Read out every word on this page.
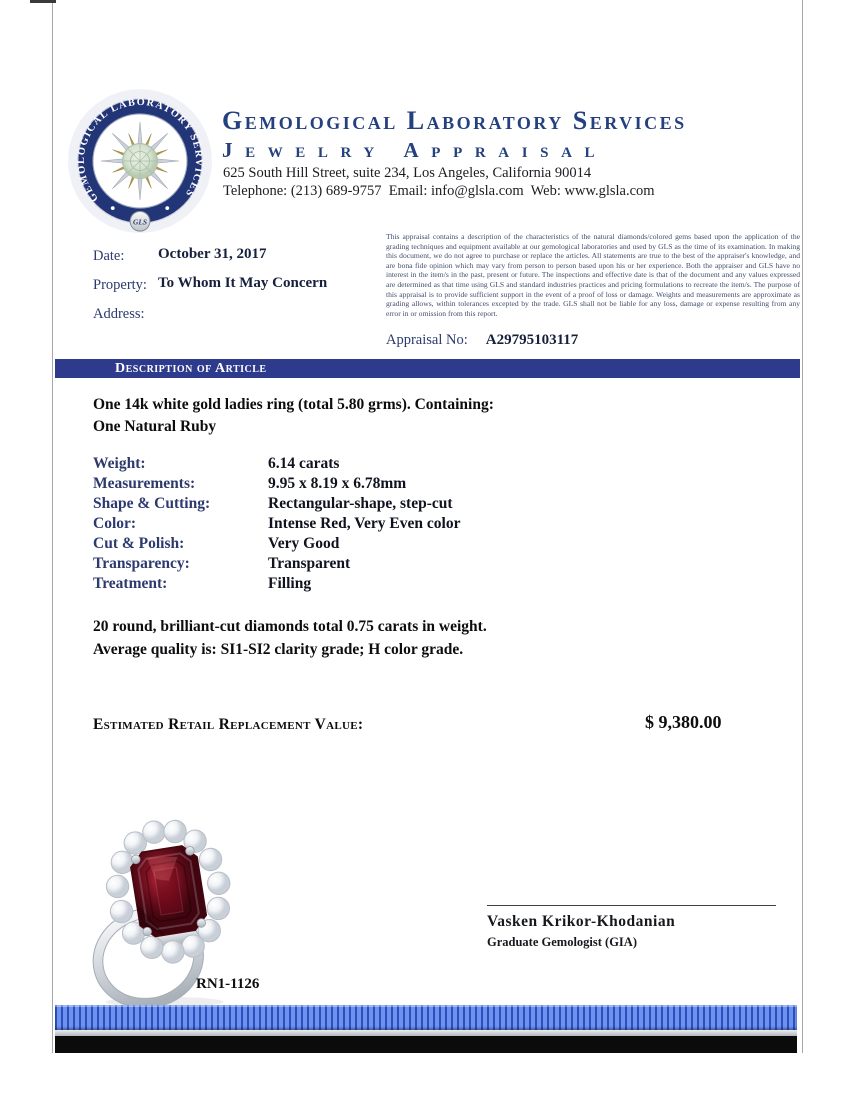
GEMOLOGICAL LABORATORY SERVICES
GLS
Gemological Laboratory Services
Jewelry Appraisal
625 South Hill Street, suite 234, Los Angeles, California 90014
Telephone: (213) 689-9757  Email: info@glsla.com  Web: www.glsla.com
Date: October 31, 2017
Property: To Whom It May Concern
Address:
This appraisal contains a description of the characteristics of the natural diamonds/colored gems based upon the application of the grading techniques and equipment available at our gemological laboratories and used by GLS as the time of its examination. In making this document, we do not agree to purchase or replace the articles. All statements are true to the best of the appraiser's knowledge, and are bona fide opinion which may vary from person to person based upon his or her experience. Both the appraiser and GLS have no interest in the item/s in the past, present or future. The inspections and effective date is that of the document and any values expressed are determined as that time using GLS and standard industries practices and pricing formulations to recreate the item/s. The purpose of this appraisal is to provide sufficient support in the event of a proof of loss or damage. Weights and measurements are approximate as grading allows, within tolerances excepted by the trade. GLS shall not be liable for any loss, damage or expense resulting from any error in or omission from this report.
Appraisal No: A29795103117
Description of Article
One 14k white gold ladies ring (total 5.80 grms). Containing:
One Natural Ruby
Weight:	6.14 carats
Measurements:	9.95 x 8.19 x 6.78mm
Shape & Cutting:	Rectangular-shape, step-cut
Color:	Intense Red, Very Even color
Cut & Polish:	Very Good
Transparency:	Transparent
Treatment:	Filling
20 round, brilliant-cut diamonds total 0.75 carats in weight.
Average quality is: SI1-SI2 clarity grade; H color grade.
Estimated Retail Replacement Value:	$ 9,380.00
RN1-1126
Vasken Krikor-Khodanian
Graduate Gemologist (GIA)
